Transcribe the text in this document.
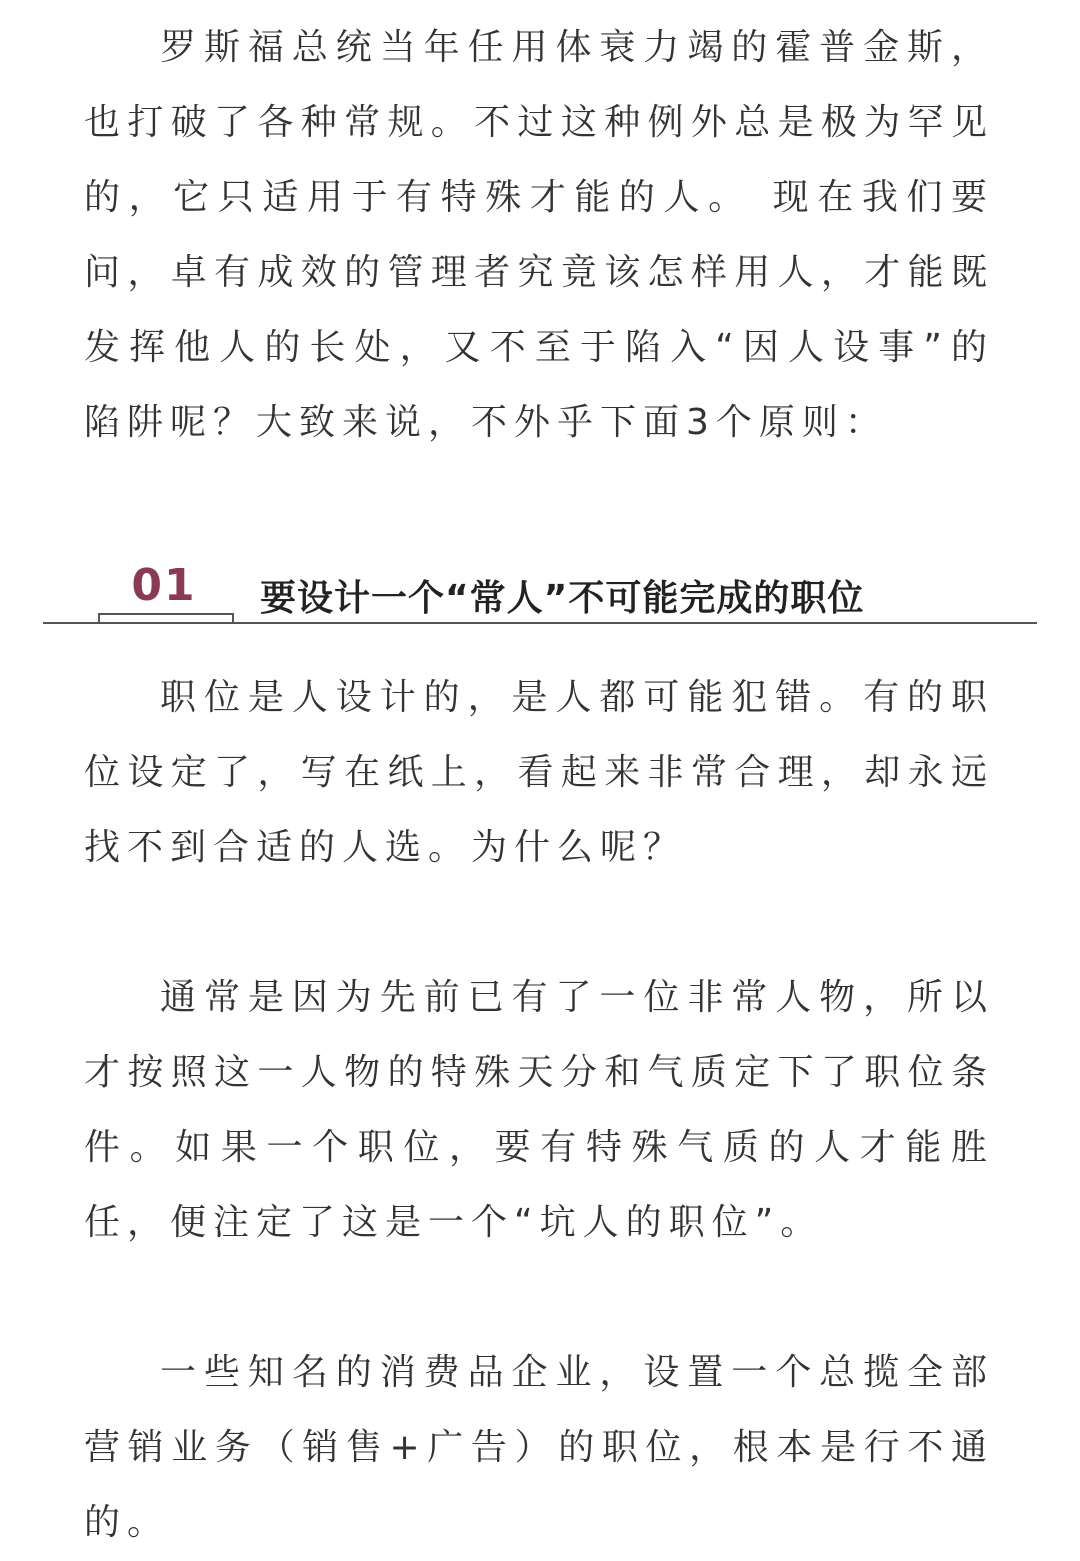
罗斯福总统当年任用体衰力竭的霍普金斯，也打破了各种常规。不过这种例外总是极为罕见的，它只适用于有特殊才能的人。 现在我们要问，卓有成效的管理者究竟该怎样用人，才能既发挥他人的长处，又不至于陷入“因人设事”的陷阱呢？大致来说，不外乎下面3个原则：

01	要设计一个“常人”不可能完成的职位

职位是人设计的，是人都可能犯错。有的职位设定了，写在纸上，看起来非常合理，却永远找不到合适的人选。为什么呢？

通常是因为先前已有了一位非常人物，所以才按照这一人物的特殊天分和气质定下了职位条件。如果一个职位，要有特殊气质的人才能胜任，便注定了这是一个“坑人的职位”。

一些知名的消费品企业，设置一个总揽全部营销业务（销售+广告）的职位，根本是行不通的。
